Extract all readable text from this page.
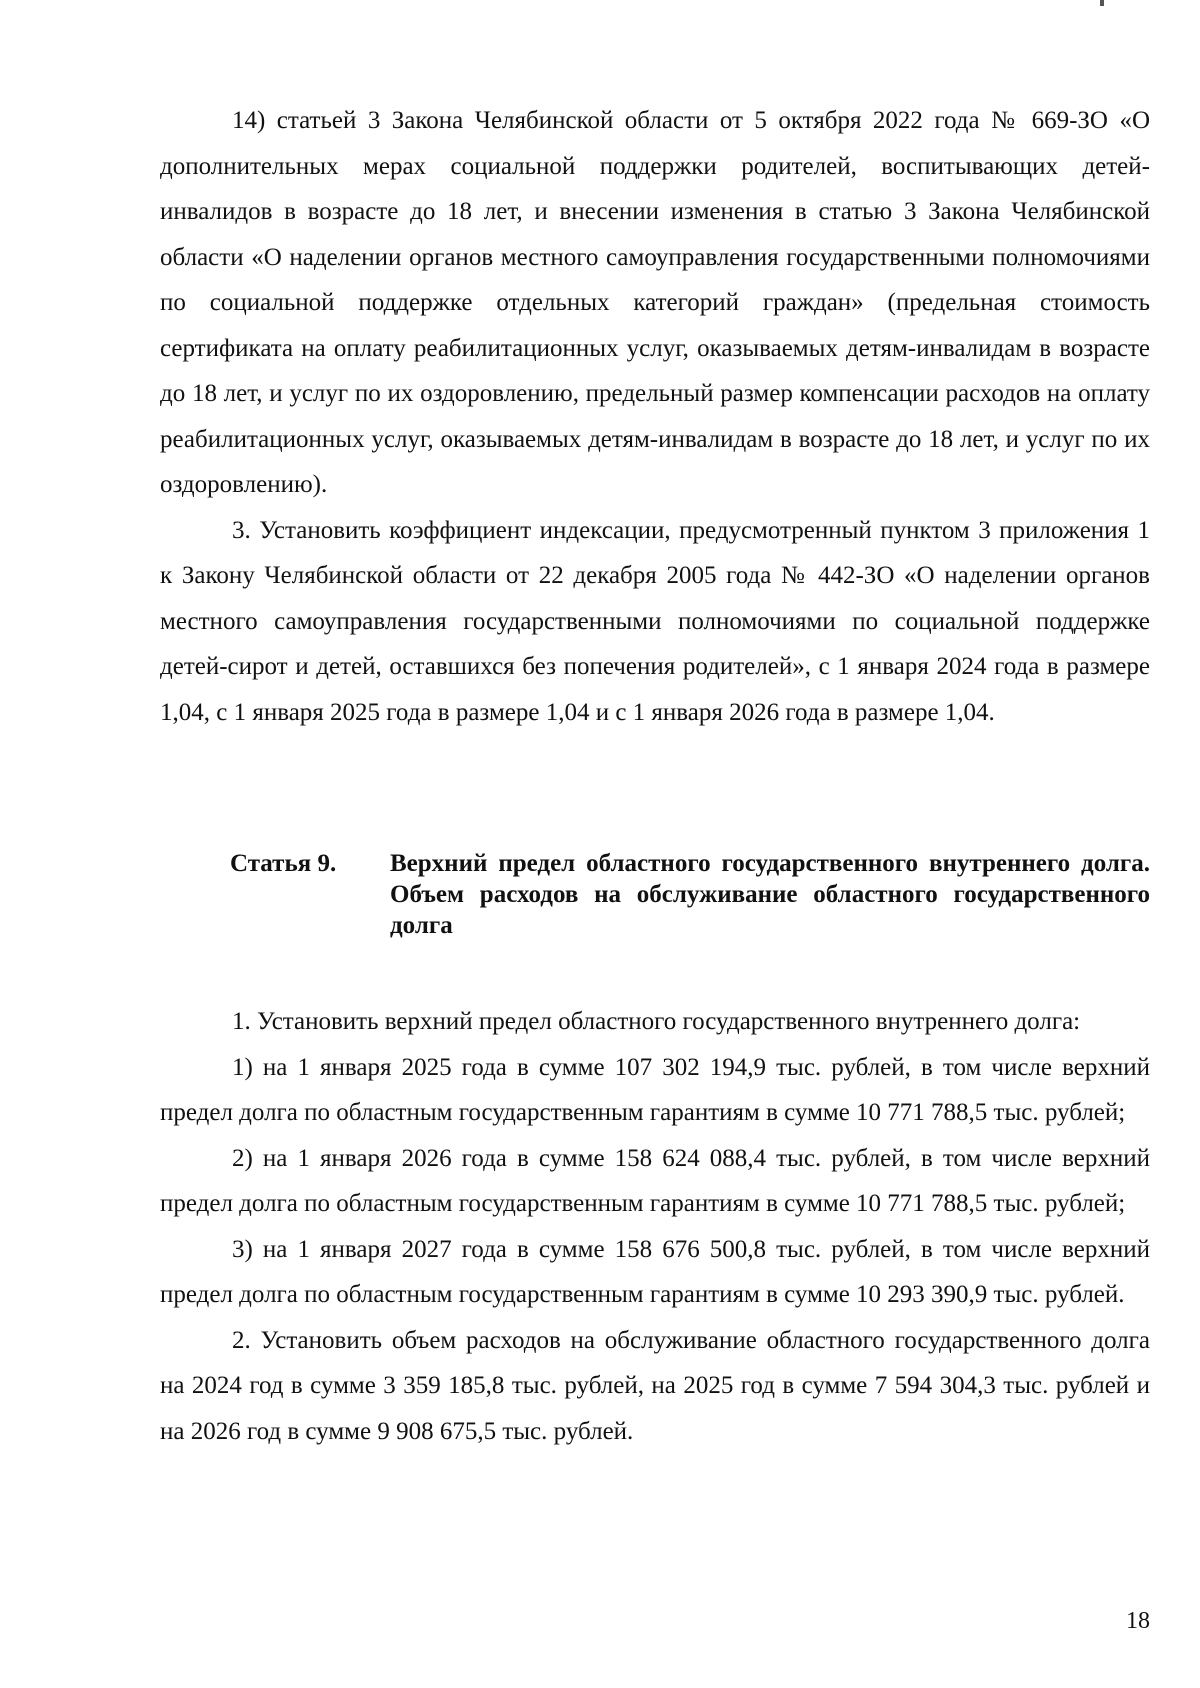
14) статьей 3 Закона Челябинской области от 5 октября 2022 года № 669-ЗО «О дополнительных мерах социальной поддержки родителей, воспитывающих детей-инвалидов в возрасте до 18 лет, и внесении изменения в статью 3 Закона Челябинской области «О наделении органов местного самоуправления государственными полномочиями по социальной поддержке отдельных категорий граждан» (предельная стоимость сертификата на оплату реабилитационных услуг, оказываемых детям-инвалидам в возрасте до 18 лет, и услуг по их оздоровлению, предельный размер компенсации расходов на оплату реабилитационных услуг, оказываемых детям-инвалидам в возрасте до 18 лет, и услуг по их оздоровлению).

3. Установить коэффициент индексации, предусмотренный пунктом 3 приложения 1 к Закону Челябинской области от 22 декабря 2005 года № 442-ЗО «О наделении органов местного самоуправления государственными полномочиями по социальной поддержке детей-сирот и детей, оставшихся без попечения родителей», с 1 января 2024 года в размере 1,04, с 1 января 2025 года в размере 1,04 и с 1 января 2026 года в размере 1,04.

Статья 9.	Верхний предел областного государственного внутреннего долга. Объем расходов на обслуживание областного государственного долга

1. Установить верхний предел областного государственного внутреннего долга:

1) на 1 января 2025 года в сумме 107 302 194,9 тыс. рублей, в том числе верхний предел долга по областным государственным гарантиям в сумме 10 771 788,5 тыс. рублей;

2) на 1 января 2026 года в сумме 158 624 088,4 тыс. рублей, в том числе верхний предел долга по областным государственным гарантиям в сумме 10 771 788,5 тыс. рублей;

3) на 1 января 2027 года в сумме 158 676 500,8 тыс. рублей, в том числе верхний предел долга по областным государственным гарантиям в сумме 10 293 390,9 тыс. рублей.

2. Установить объем расходов на обслуживание областного государственного долга на 2024 год в сумме 3 359 185,8 тыс. рублей, на 2025 год в сумме 7 594 304,3 тыс. рублей и на 2026 год в сумме 9 908 675,5 тыс. рублей.

18
